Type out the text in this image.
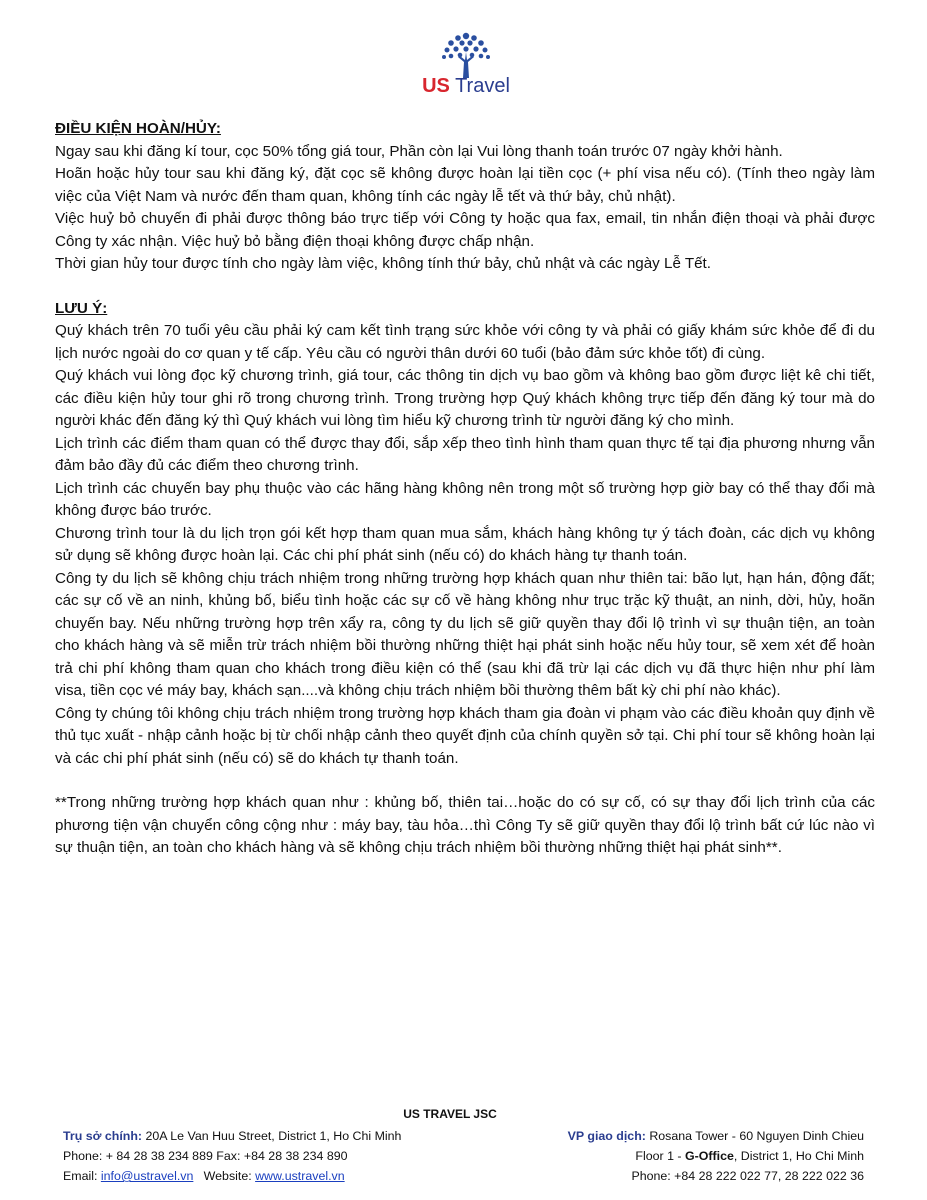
US Travel

ĐIỀU KIỆN HOÀN/HỦY:

Ngay sau khi đăng kí tour, cọc 50% tổng giá tour, Phần còn lại Vui lòng thanh toán trước 07 ngày khởi hành.

Hoãn hoặc hủy tour sau khi đăng ký, đặt cọc sẽ không được hoàn lại tiền cọc (+ phí visa nếu có). (Tính theo ngày làm việc của Việt Nam và nước đến tham quan, không tính các ngày lễ tết và thứ bảy, chủ nhật).

Việc huỷ bỏ chuyến đi phải được thông báo trực tiếp với Công ty hoặc qua fax, email, tin nhắn điện thoại và phải được Công ty xác nhận. Việc huỷ bỏ bằng điện thoại không được chấp nhận.

Thời gian hủy tour được tính cho ngày làm việc, không tính thứ bảy, chủ nhật và các ngày Lễ Tết.

LƯU Ý:

Quý khách trên 70 tuổi yêu cầu phải ký cam kết tình trạng sức khỏe với công ty và phải có giấy khám sức khỏe để đi du lịch nước ngoài do cơ quan y tế cấp. Yêu cầu có người thân dưới 60 tuổi (bảo đảm sức khỏe tốt) đi cùng.

Quý khách vui lòng đọc kỹ chương trình, giá tour, các thông tin dịch vụ bao gồm và không bao gồm được liệt kê chi tiết, các điều kiện hủy tour ghi rõ trong chương trình. Trong trường hợp Quý khách không trực tiếp đến đăng ký tour mà do người khác đến đăng ký thì Quý khách vui lòng tìm hiểu kỹ chương trình từ người đăng ký cho mình.

Lịch trình các điểm tham quan có thể được thay đổi, sắp xếp theo tình hình tham quan thực tế tại địa phương nhưng vẫn đảm bảo đầy đủ các điểm theo chương trình.

Lịch trình các chuyến bay phụ thuộc vào các hãng hàng không nên trong một số trường hợp giờ bay có thể thay đổi mà không được báo trước.

Chương trình tour là du lịch trọn gói kết hợp tham quan mua sắm, khách hàng không tự ý tách đoàn, các dịch vụ không sử dụng sẽ không được hoàn lại. Các chi phí phát sinh (nếu có) do khách hàng tự thanh toán.

Công ty du lịch sẽ không chịu trách nhiệm trong những trường hợp khách quan như thiên tai: bão lụt, hạn hán, động đất; các sự cố về an ninh, khủng bố, biểu tình hoặc các sự cố về hàng không như trục trặc kỹ thuật, an ninh, dời, hủy, hoãn chuyến bay. Nếu những trường hợp trên xẩy ra, công ty du lịch sẽ giữ quyền thay đổi lộ trình vì sự thuận tiện, an toàn cho khách hàng và sẽ miễn trừ trách nhiệm bồi thường những thiệt hại phát sinh hoặc nếu hủy tour, sẽ xem xét để hoàn trả chi phí không tham quan cho khách trong điều kiện có thể (sau khi đã trừ lại các dịch vụ đã thực hiện như phí làm visa, tiền cọc vé máy bay, khách sạn....và không chịu trách nhiệm bồi thường thêm bất kỳ chi phí nào khác).

Công ty chúng tôi không chịu trách nhiệm trong trường hợp khách tham gia đoàn vi phạm vào các điều khoản quy định về thủ tục xuất - nhập cảnh hoặc bị từ chối nhập cảnh theo quyết định của chính quyền sở tại. Chi phí tour sẽ không hoàn lại và các chi phí phát sinh (nếu có) sẽ do khách tự thanh toán.

**Trong những trường hợp khách quan như : khủng bố, thiên tai…hoặc do có sự cố, có sự thay đổi lịch trình của các phương tiện vận chuyển công cộng như : máy bay, tàu hỏa…thì Công Ty sẽ giữ quyền thay đổi lộ trình bất cứ lúc nào vì sự thuận tiện, an toàn cho khách hàng và sẽ không chịu trách nhiệm bồi thường những thiệt hại phát sinh**.

US TRAVEL JSC
Trụ sở chính: 20A Le Van Huu Street, District 1, Ho Chi Minh
Phone: + 84 28 38 234 889 Fax: +84 28 38 234 890
Email: info@ustravel.vn   Website: www.ustravel.vn
VP giao dịch: Rosana Tower - 60 Nguyen Dinh Chieu
Floor 1 - G-Office, District 1, Ho Chi Minh
Phone: +84 28 222 022 77, 28 222 022 36
